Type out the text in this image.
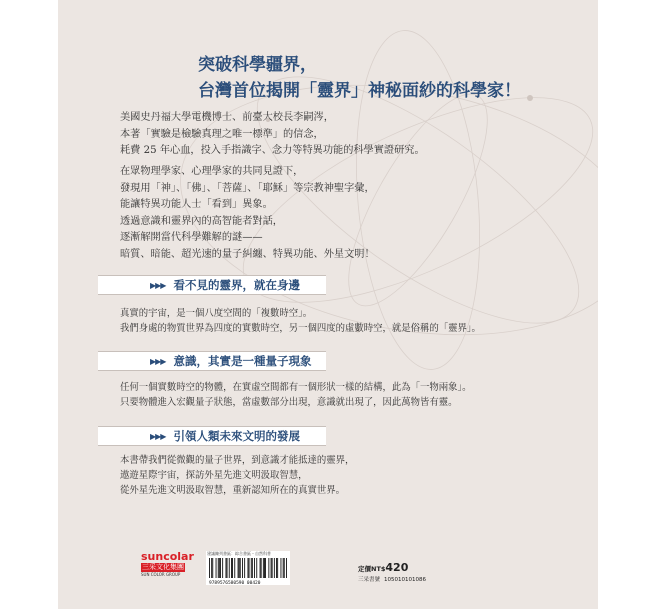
突破科學疆界，
台灣首位揭開「靈界」神秘面紗的科學家！
美國史丹福大學電機博士、前臺大校長李嗣涔，
本著「實驗是檢驗真理之唯一標準」的信念，
耗費 25 年心血，投入手指識字、念力等特異功能的科學實證研究。
在眾物理學家、心理學家的共同見證下，
發現用「神」、「佛」、「菩薩」、「耶穌」等宗教神聖字彙，
能讓特異功能人士「看到」異象。
透過意識和靈界內的高智能者對話，
逐漸解開當代科學難解的謎——
暗質、暗能、超光速的量子糾纏、特異功能、外星文明！
▶▶▶ 看不見的靈界，就在身邊
真實的宇宙，是一個八度空間的「複數時空」。
我們身處的物質世界為四度的實數時空，另一個四度的虛數時空，就是俗稱的「靈界」。
▶▶▶ 意識，其實是一種量子現象
任何一個實數時空的物體，在實虛空間都有一個形狀一樣的結構，此為「一物兩象」。
只要物體進入宏觀量子狀態，當虛數部分出現，意識就出現了，因此萬物皆有靈。
▶▶▶ 引領人類未來文明的發展
本書帶我們從微觀的量子世界，到意識才能抵達的靈界，
遨遊星際宇宙，探訪外星先進文明汲取智慧，
從外星先進文明汲取智慧，重新認知所在的真實世界。
suncolar
三采文化集團
SUN COLOR GROUP
建議陳列書區：綜合書區・自然科普
9789576580590 00420
定價NT$420
三采書號 105010101086
